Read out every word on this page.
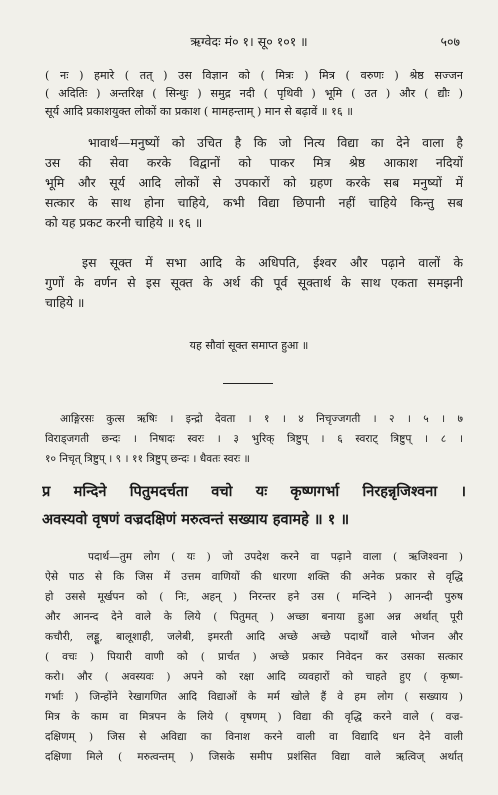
ऋग्वेदः मं० १। सू० १०१ ॥	५०७
( नः ) हमारे ( तत् ) उस विज्ञान को ( मित्रः ) मित्र ( वरुणः ) श्रेष्ठ सज्जन
( अदितिः ) अन्तरिक्ष ( सिन्धुः ) समुद्र नदी ( पृथिवी ) भूमि ( उत ) और ( द्यौः )
सूर्य आदि प्रकाशयुक्त लोकों का प्रकाश ( मामहन्ताम् ) मान से बढ़ावें ॥ १६ ॥
भावार्थ—मनुष्यों को उचित है कि जो नित्य विद्या का देने वाला है
उस की सेवा करके विद्वानों को पाकर मित्र श्रेष्ठ आकाश नदियों
भूमि और सूर्य आदि लोकों से उपकारों को ग्रहण करके सब मनुष्यों में
सत्कार के साथ होना चाहिये, कभी विद्या छिपानी नहीं चाहिये किन्तु सब
को यह प्रकट करनी चाहिये ॥ १६ ॥
इस सूक्त में सभा आदि के अधिपति, ईश्वर और पढ़ाने वालों के
गुणों के वर्णन से इस सूक्त के अर्थ की पूर्व सूक्तार्थ के साथ एकता समझनी
चाहिये ॥
यह सौवां सूक्त समाप्त हुआ ॥
आङ्गिरसः कुत्स ऋषिः । इन्द्रो देवता । १ । ४ निचृज्जगती । २ । ५ । ७
विराड्जगती छन्दः । निषादः स्वरः । ३ भुरिक् त्रिष्टुप् । ६ स्वराट् त्रिष्टुप् । ८ ।
१० निचृत् त्रिष्टुप् । ९ । ११ त्रिष्टुप् छन्दः । धैवतः स्वरः ॥
प्र मन्दिने पितुमदर्चता वचो यः कृष्णगर्भा निरहन्नृजिश्वना ।
अवस्यवो वृषणं वज्रदक्षिणं मरुत्वन्तं सख्याय हवामहे ॥ १ ॥
पदार्थ—तुम लोग ( यः ) जो उपदेश करने वा पढ़ाने वाला ( ऋजिश्वना )
ऐसे पाठ से कि जिस में उत्तम वाणियों की धारणा शक्ति की अनेक प्रकार से वृद्धि
हो उससे मूर्खपन को ( निः, अहन् ) निरन्तर हने उस ( मन्दिने ) आनन्दी पुरुष
और आनन्द देने वाले के लिये ( पितुमत् ) अच्छा बनाया हुआ अन्न अर्थात् पूरी
कचौरी, लड्डू, बालूशाही, जलेबी, इमरती आदि अच्छे अच्छे पदार्थों वाले भोजन और
( वचः ) पियारी वाणी को ( प्रार्चत ) अच्छे प्रकार निवेदन कर उसका सत्कार
करो। और ( अवस्यवः ) अपने को रक्षा आदि व्यवहारों को चाहते हुए ( कृष्ण-
गर्भाः ) जिन्होंने रेखागणित आदि विद्याओं के मर्म खोले हैं वे हम लोग ( सख्याय )
मित्र के काम वा मित्रपन के लिये ( वृषणम् ) विद्या की वृद्धि करने वाले ( वज्र-
दक्षिणम् ) जिस से अविद्या का विनाश करने वाली वा विद्यादि धन देने वाली
दक्षिणा मिले ( मरुत्वन्तम् ) जिसके समीप प्रशंसित विद्या वाले ऋत्विज् अर्थात्
